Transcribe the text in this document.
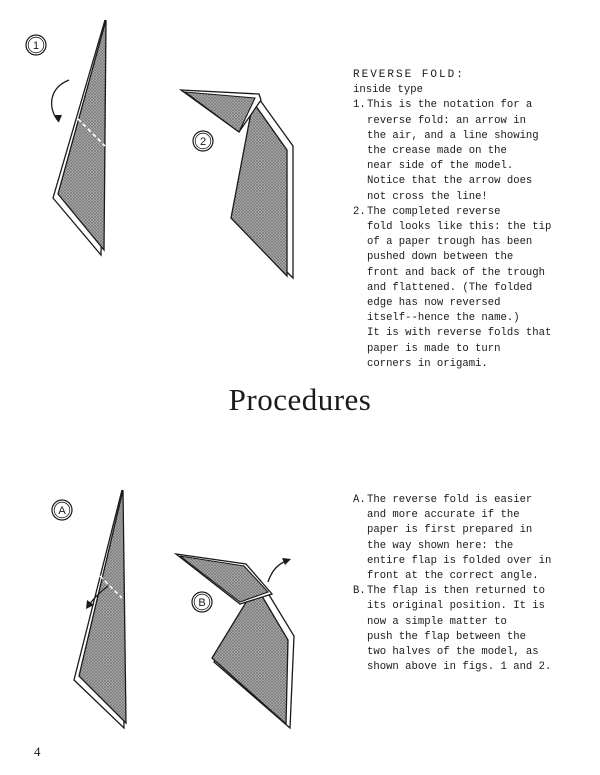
1
2
REVERSE FOLD:
inside type
1. This is the notation for a
reverse fold: an arrow in
the air, and a line showing
the crease made on the
near side of the model.
Notice that the arrow does
not cross the line!
2. The completed reverse
fold looks like this: the tip
of a paper trough has been
pushed down between the
front and back of the trough
and flattened. (The folded
edge has now reversed
itself--hence the name.)
It is with reverse folds that
paper is made to turn
corners in origami.
Procedures
A
B
A. The reverse fold is easier
and more accurate if the
paper is first prepared in
the way shown here: the
entire flap is folded over in
front at the correct angle.
B. The flap is then returned to
its original position. It is
now a simple matter to
push the flap between the
two halves of the model, as
shown above in figs. 1 and 2.
4
